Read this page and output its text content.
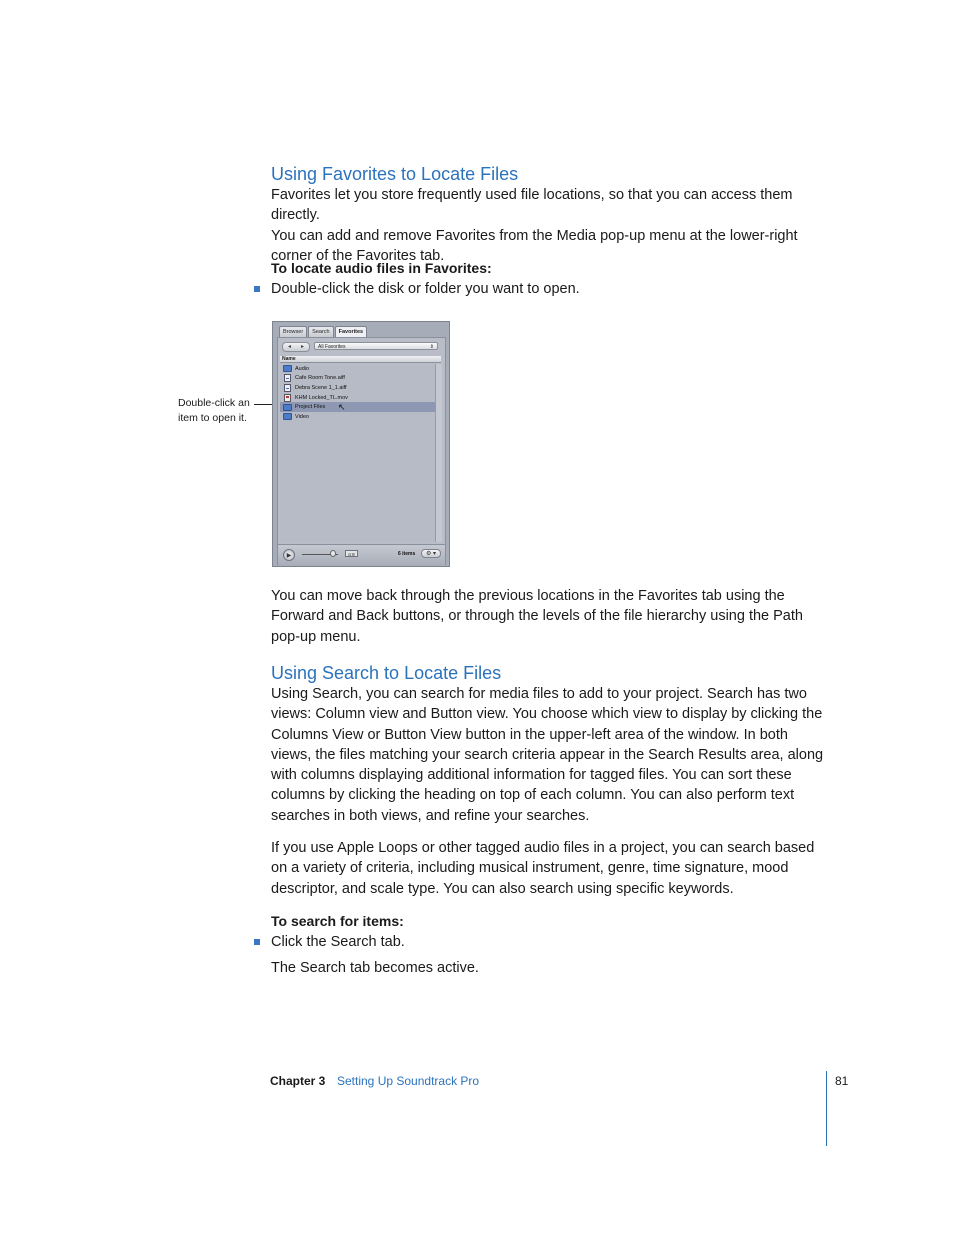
Using Favorites to Locate Files

Favorites let you store frequently used file locations, so that you can access them directly.

You can add and remove Favorites from the Media pop-up menu at the lower-right

corner of the Favorites tab.

To locate audio files in Favorites:
Double-click the disk or folder you want to open.
Double-click an
item to open it.
Browser	Search	Favorites
◂ ▸	All Favorites	⇕
Name
Audio
Cafe Room Tone.aiff
Debra Scene 1_1.aiff
KHM Locked_TL.mov
Project Files ↖
Video
▶	⊡☰	6 items	⚙ ▾

You can move back through the previous locations in the Favorites tab using the

Forward and Back buttons, or through the levels of the file hierarchy using the Path

pop-up menu.

Using Search to Locate Files

Using Search, you can search for media files to add to your project. Search has two

views: Column view and Button view. You choose which view to display by clicking the

Columns View or Button View button in the upper-left area of the window. In both

views, the files matching your search criteria appear in the Search Results area, along

with columns displaying additional information for tagged files. You can sort these

columns by clicking the heading on top of each column. You can also perform text

searches in both views, and refine your searches.

If you use Apple Loops or other tagged audio files in a project, you can search based

on a variety of criteria, including musical instrument, genre, time signature, mood

descriptor, and scale type. You can also search using specific keywords.

To search for items:
Click the Search tab.
The Search tab becomes active.
Chapter 3 Setting Up Soundtrack Pro	81
